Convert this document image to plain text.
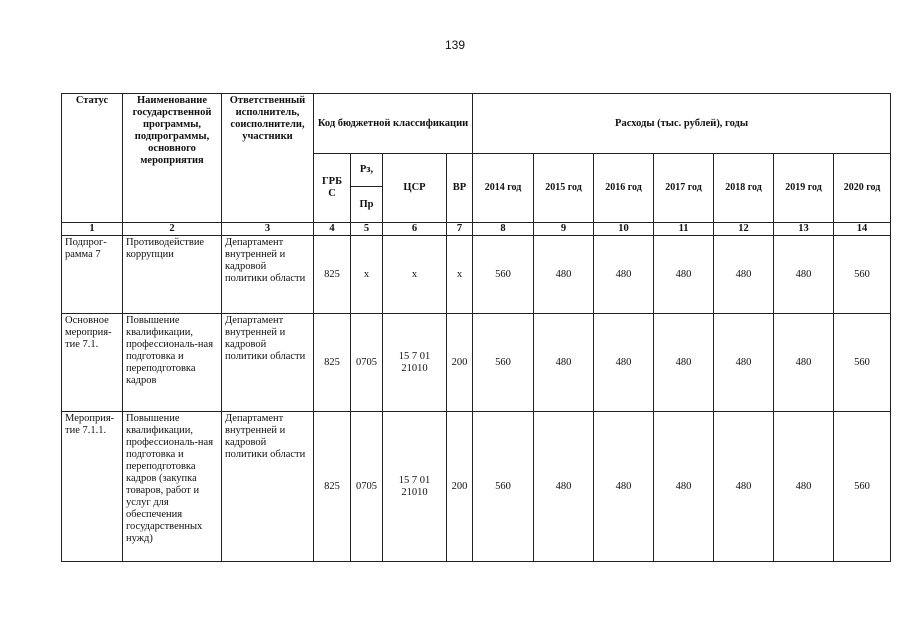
139
Статус	Наименование государственной программы, подпрограммы, основного мероприятия	Ответственный исполнитель, соисполнители, участники	Код бюджетной классификации				Расходы (тыс. рублей), годы						
			ГРБ С	Рз,	ЦСР	ВР	2014 год	2015 год	2016 год	2017 год	2018 год	2019 год	2020 год
				Пр									
1	2	3	4	5	6	7	8	9	10	11	12	13	14
Подпрог-рамма 7	Противодействие коррупции	Департамент внутренней и кадровой политики области	825	х	х	х	560	480	480	480	480	480	560
Основное мероприя-тие 7.1.	Повышение квалификации, профессиональ-ная подготовка и переподготовка кадров	Департамент внутренней и кадровой политики области	825	0705	15 7 01 21010	200	560	480	480	480	480	480	560
Мероприя-тие 7.1.1.	Повышение квалификации, профессиональ-ная подготовка и переподготовка кадров (закупка товаров, работ и услуг для обеспечения государственных нужд)	Департамент внутренней и кадровой политики области	825	0705	15 7 01 21010	200	560	480	480	480	480	480	560
